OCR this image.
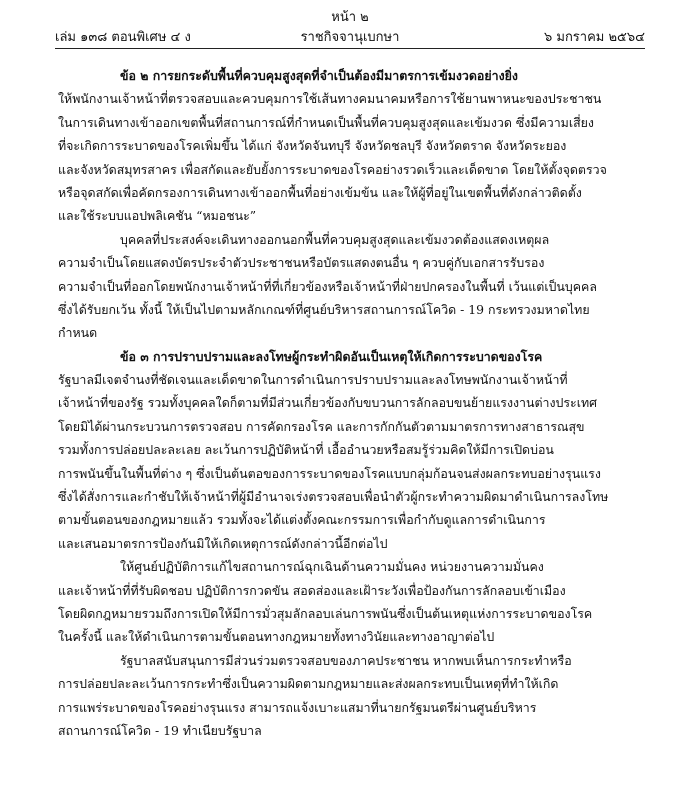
หน้า ๒
เล่ม ๑๓๘ ตอนพิเศษ ๔ ง	ราชกิจจานุเบกษา	๖ มกราคม ๒๕๖๔
ข้อ ๒ การยกระดับพื้นที่ควบคุมสูงสุดที่จำเป็นต้องมีมาตรการเข้มงวดอย่างยิ่ง
ให้พนักงานเจ้าหน้าที่ตรวจสอบและควบคุมการใช้เส้นทางคมนาคมหรือการใช้ยานพาหนะของประชาชน
ในการเดินทางเข้าออกเขตพื้นที่สถานการณ์ที่กำหนดเป็นพื้นที่ควบคุมสูงสุดและเข้มงวด ซึ่งมีความเสี่ยง
ที่จะเกิดการระบาดของโรคเพิ่มขึ้น ได้แก่ จังหวัดจันทบุรี จังหวัดชลบุรี จังหวัดตราด จังหวัดระยอง
และจังหวัดสมุทรสาคร เพื่อสกัดและยับยั้งการระบาดของโรคอย่างรวดเร็วและเด็ดขาด โดยให้ตั้งจุดตรวจ
หรือจุดสกัดเพื่อคัดกรองการเดินทางเข้าออกพื้นที่อย่างเข้มข้น และให้ผู้ที่อยู่ในเขตพื้นที่ดังกล่าวติดตั้ง
และใช้ระบบแอปพลิเคชัน “หมอชนะ”
บุคคลที่ประสงค์จะเดินทางออกนอกพื้นที่ควบคุมสูงสุดและเข้มงวดต้องแสดงเหตุผล
ความจำเป็นโดยแสดงบัตรประจำตัวประชาชนหรือบัตรแสดงตนอื่น ๆ ควบคู่กับเอกสารรับรอง
ความจำเป็นที่ออกโดยพนักงานเจ้าหน้าที่ที่เกี่ยวข้องหรือเจ้าหน้าที่ฝ่ายปกครองในพื้นที่ เว้นแต่เป็นบุคคล
ซึ่งได้รับยกเว้น ทั้งนี้ ให้เป็นไปตามหลักเกณฑ์ที่ศูนย์บริหารสถานการณ์โควิด - 19 กระทรวงมหาดไทย
กำหนด
ข้อ ๓ การปราบปรามและลงโทษผู้กระทำผิดอันเป็นเหตุให้เกิดการระบาดของโรค
รัฐบาลมีเจตจำนงที่ชัดเจนและเด็ดขาดในการดำเนินการปราบปรามและลงโทษพนักงานเจ้าหน้าที่
เจ้าหน้าที่ของรัฐ รวมทั้งบุคคลใดก็ตามที่มีส่วนเกี่ยวข้องกับขบวนการลักลอบขนย้ายแรงงานต่างประเทศ
โดยมิได้ผ่านกระบวนการตรวจสอบ การคัดกรองโรค และการกักกันตัวตามมาตรการทางสาธารณสุข
รวมทั้งการปล่อยปละละเลย ละเว้นการปฏิบัติหน้าที่ เอื้ออำนวยหรือสมรู้ร่วมคิดให้มีการเปิดบ่อน
การพนันขึ้นในพื้นที่ต่าง ๆ ซึ่งเป็นต้นตอของการระบาดของโรคแบบกลุ่มก้อนจนส่งผลกระทบอย่างรุนแรง
ซึ่งได้สั่งการและกำชับให้เจ้าหน้าที่ผู้มีอำนาจเร่งตรวจสอบเพื่อนำตัวผู้กระทำความผิดมาดำเนินการลงโทษ
ตามขั้นตอนของกฎหมายแล้ว รวมทั้งจะได้แต่งตั้งคณะกรรมการเพื่อกำกับดูแลการดำเนินการ
และเสนอมาตรการป้องกันมิให้เกิดเหตุการณ์ดังกล่าวนี้อีกต่อไป
ให้ศูนย์ปฏิบัติการแก้ไขสถานการณ์ฉุกเฉินด้านความมั่นคง หน่วยงานความมั่นคง
และเจ้าหน้าที่ที่รับผิดชอบ ปฏิบัติการกวดขัน สอดส่องและเฝ้าระวังเพื่อป้องกันการลักลอบเข้าเมือง
โดยผิดกฎหมายรวมถึงการเปิดให้มีการมั่วสุมลักลอบเล่นการพนันซึ่งเป็นต้นเหตุแห่งการระบาดของโรค
ในครั้งนี้ และให้ดำเนินการตามขั้นตอนทางกฎหมายทั้งทางวินัยและทางอาญาต่อไป
รัฐบาลสนับสนุนการมีส่วนร่วมตรวจสอบของภาคประชาชน หากพบเห็นการกระทำหรือ
การปล่อยปละละเว้นการกระทำซึ่งเป็นความผิดตามกฎหมายและส่งผลกระทบเป็นเหตุที่ทำให้เกิด
การแพร่ระบาดของโรคอย่างรุนแรง สามารถแจ้งเบาะแสมาที่นายกรัฐมนตรีผ่านศูนย์บริหาร
สถานการณ์โควิด - 19 ทำเนียบรัฐบาล
